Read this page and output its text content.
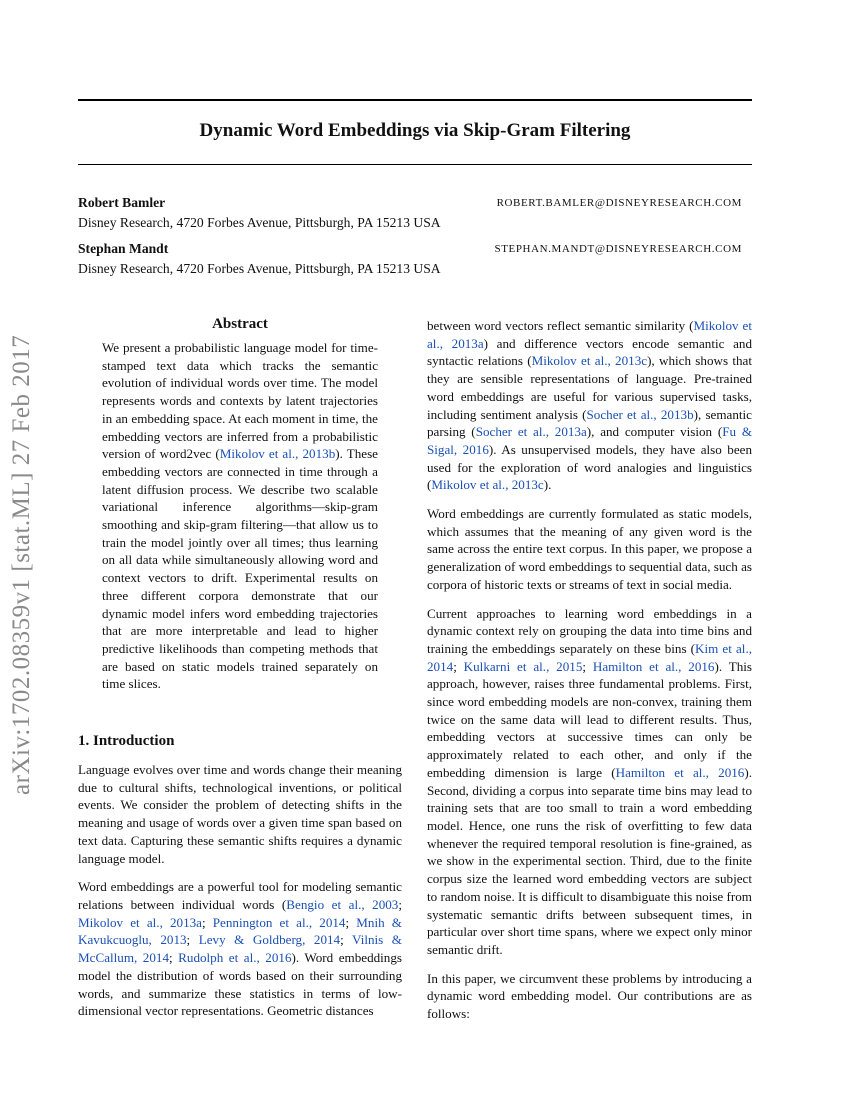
Dynamic Word Embeddings via Skip-Gram Filtering
Robert Bamler	ROBERT.BAMLER@DISNEYRESEARCH.COM
Disney Research, 4720 Forbes Avenue, Pittsburgh, PA 15213 USA
Stephan Mandt	STEPHAN.MANDT@DISNEYRESEARCH.COM
Disney Research, 4720 Forbes Avenue, Pittsburgh, PA 15213 USA
arXiv:1702.08359v1 [stat.ML] 27 Feb 2017
Abstract
We present a probabilistic language model for time-stamped text data which tracks the semantic evolution of individual words over time. The model represents words and contexts by latent trajectories in an embedding space. At each moment in time, the embedding vectors are inferred from a probabilistic version of word2vec (Mikolov et al., 2013b). These embedding vectors are connected in time through a latent diffusion process. We describe two scalable variational inference algorithms—skip-gram smoothing and skip-gram filtering—that allow us to train the model jointly over all times; thus learning on all data while simultaneously allowing word and context vectors to drift. Experimental results on three different corpora demonstrate that our dynamic model infers word embedding trajectories that are more interpretable and lead to higher predictive likelihoods than competing methods that are based on static models trained separately on time slices.
1. Introduction

Language evolves over time and words change their meaning due to cultural shifts, technological inventions, or political events. We consider the problem of detecting shifts in the meaning and usage of words over a given time span based on text data. Capturing these semantic shifts requires a dynamic language model.

Word embeddings are a powerful tool for modeling semantic relations between individual words (Bengio et al., 2003; Mikolov et al., 2013a; Pennington et al., 2014; Mnih & Kavukcuoglu, 2013; Levy & Goldberg, 2014; Vilnis & McCallum, 2014; Rudolph et al., 2016). Word embeddings model the distribution of words based on their surrounding words, and summarize these statistics in terms of low-dimensional vector representations. Geometric distances

between word vectors reflect semantic similarity (Mikolov et al., 2013a) and difference vectors encode semantic and syntactic relations (Mikolov et al., 2013c), which shows that they are sensible representations of language. Pre-trained word embeddings are useful for various supervised tasks, including sentiment analysis (Socher et al., 2013b), semantic parsing (Socher et al., 2013a), and computer vision (Fu & Sigal, 2016). As unsupervised models, they have also been used for the exploration of word analogies and linguistics (Mikolov et al., 2013c).

Word embeddings are currently formulated as static models, which assumes that the meaning of any given word is the same across the entire text corpus. In this paper, we propose a generalization of word embeddings to sequential data, such as corpora of historic texts or streams of text in social media.

Current approaches to learning word embeddings in a dynamic context rely on grouping the data into time bins and training the embeddings separately on these bins (Kim et al., 2014; Kulkarni et al., 2015; Hamilton et al., 2016). This approach, however, raises three fundamental problems. First, since word embedding models are non-convex, training them twice on the same data will lead to different results. Thus, embedding vectors at successive times can only be approximately related to each other, and only if the embedding dimension is large (Hamilton et al., 2016). Second, dividing a corpus into separate time bins may lead to training sets that are too small to train a word embedding model. Hence, one runs the risk of overfitting to few data whenever the required temporal resolution is fine-grained, as we show in the experimental section. Third, due to the finite corpus size the learned word embedding vectors are subject to random noise. It is difficult to disambiguate this noise from systematic semantic drifts between subsequent times, in particular over short time spans, where we expect only minor semantic drift.

In this paper, we circumvent these problems by introducing a dynamic word embedding model. Our contributions are as follows:
